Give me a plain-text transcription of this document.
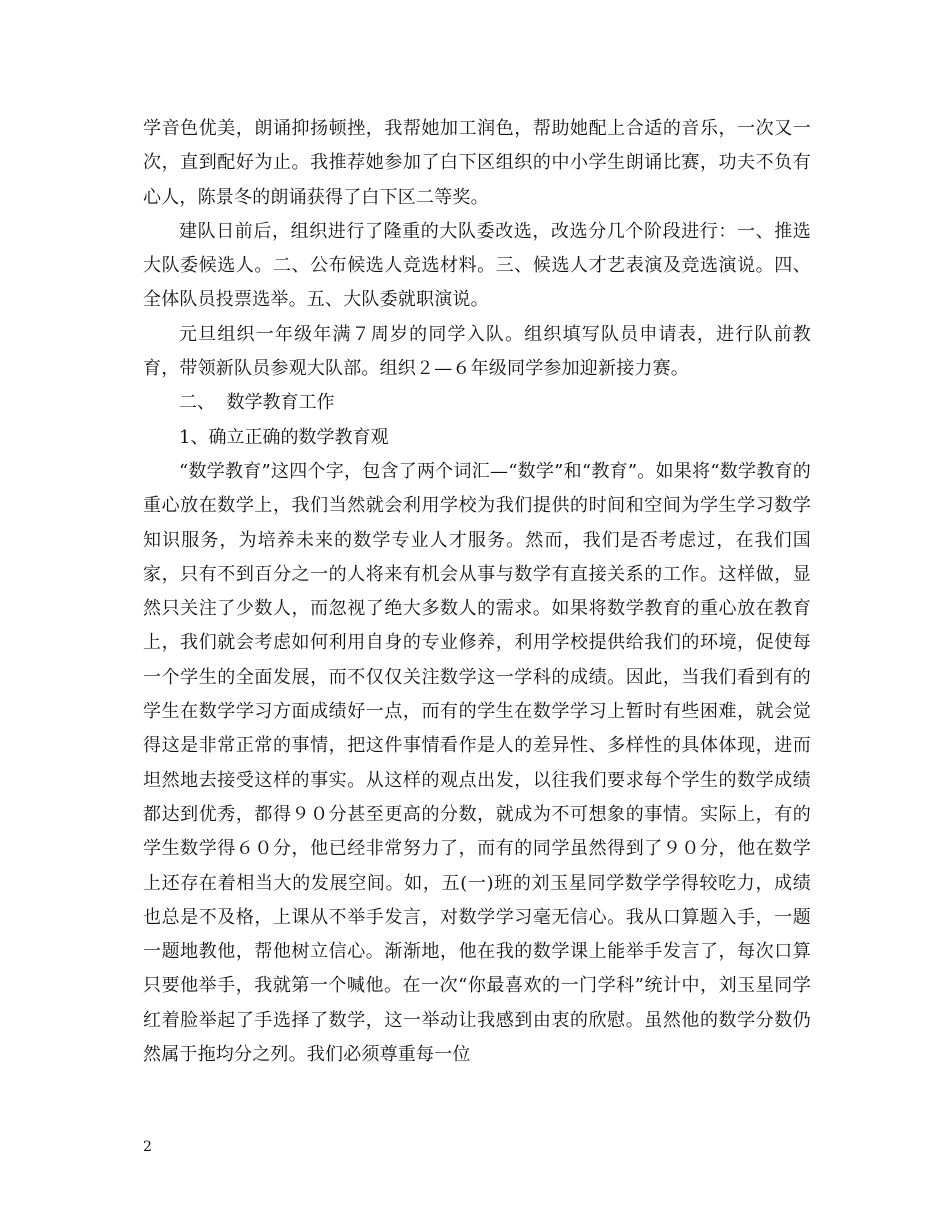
学音色优美，朗诵抑扬顿挫，我帮她加工润色，帮助她配上合适的音乐，一次又一次，直到配好为止。我推荐她参加了白下区组织的中小学生朗诵比赛，功夫不负有心人，陈景冬的朗诵获得了白下区二等奖。

建队日前后，组织进行了隆重的大队委改选，改选分几个阶段进行：一、推选大队委候选人。二、公布候选人竞选材料。三、候选人才艺表演及竞选演说。四、全体队员投票选举。五、大队委就职演说。

元旦组织一年级年满７周岁的同学入队。组织填写队员申请表，进行队前教育，带领新队员参观大队部。组织２—６年级同学参加迎新接力赛。

二、  数学教育工作

1、确立正确的数学教育观

“数学教育”这四个字，包含了两个词汇—“数学”和“教育”。如果将“数学教育的重心放在数学上，我们当然就会利用学校为我们提供的时间和空间为学生学习数学知识服务，为培养未来的数学专业人才服务。然而，我们是否考虑过，在我们国家，只有不到百分之一的人将来有机会从事与数学有直接关系的工作。这样做，显然只关注了少数人，而忽视了绝大多数人的需求。如果将数学教育的重心放在教育上，我们就会考虑如何利用自身的专业修养，利用学校提供给我们的环境，促使每一个学生的全面发展，而不仅仅关注数学这一学科的成绩。因此，当我们看到有的学生在数学学习方面成绩好一点，而有的学生在数学学习上暂时有些困难，就会觉得这是非常正常的事情，把这件事情看作是人的差异性、多样性的具体体现，进而坦然地去接受这样的事实。从这样的观点出发，以往我们要求每个学生的数学成绩都达到优秀，都得９０分甚至更高的分数，就成为不可想象的事情。实际上，有的学生数学得６０分，他已经非常努力了，而有的同学虽然得到了９０分，他在数学上还存在着相当大的发展空间。如，五(一)班的刘玉星同学数学学得较吃力，成绩也总是不及格，上课从不举手发言，对数学学习毫无信心。我从口算题入手，一题一题地教他，帮他树立信心。渐渐地，他在我的数学课上能举手发言了，每次口算只要他举手，我就第一个喊他。在一次“你最喜欢的一门学科”统计中，刘玉星同学红着脸举起了手选择了数学，这一举动让我感到由衷的欣慰。虽然他的数学分数仍然属于拖均分之列。我们必须尊重每一位

2
